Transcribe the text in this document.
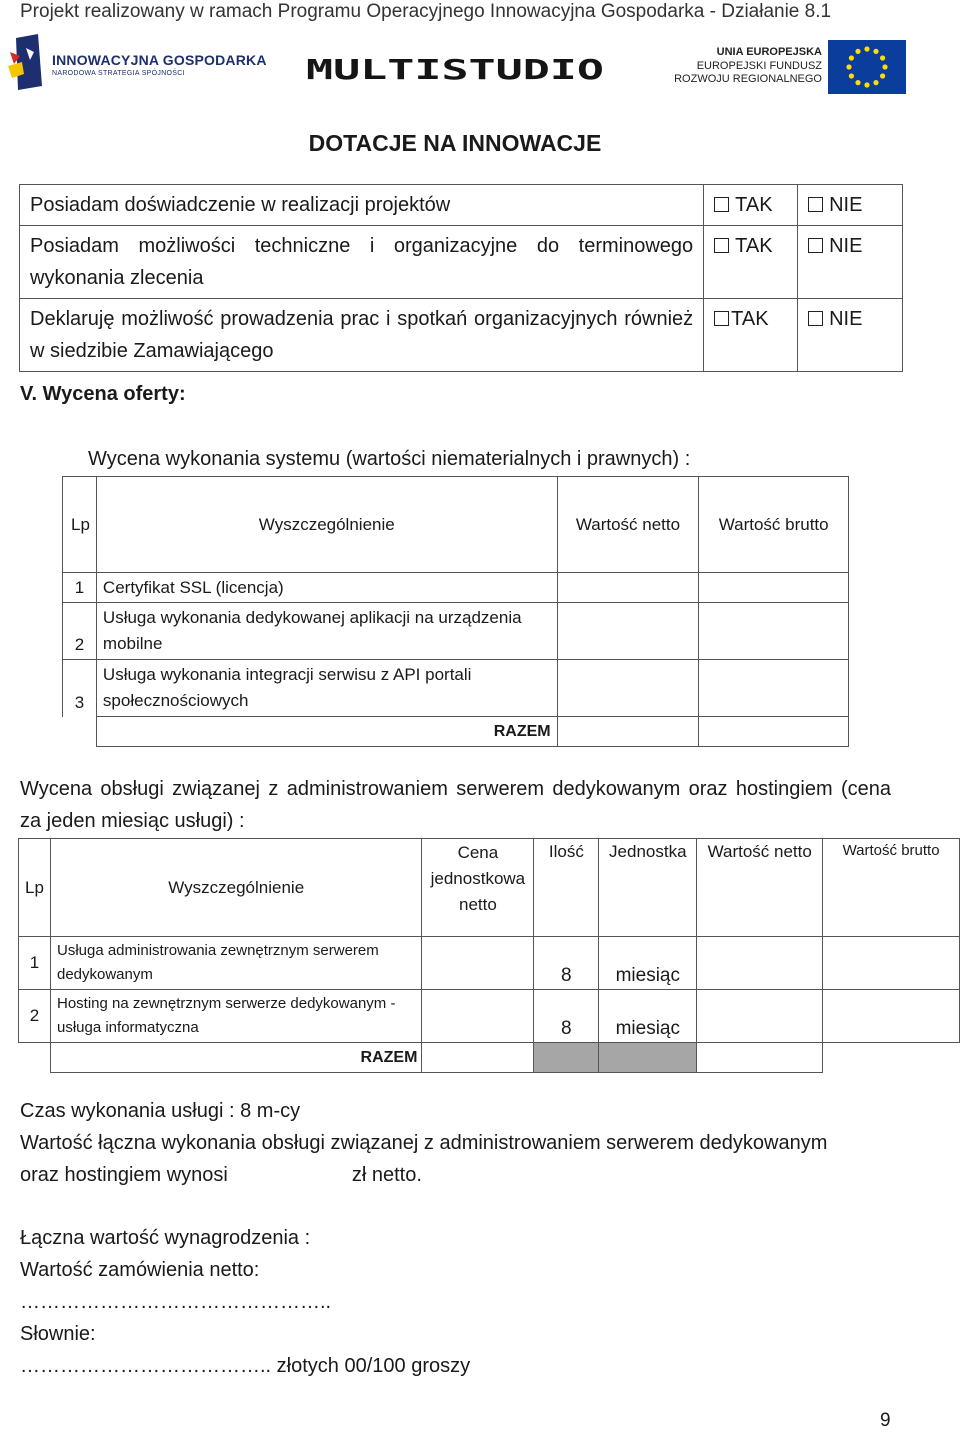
Projekt realizowany w ramach Programu Operacyjnego Innowacyjna Gospodarka - Działanie 8.1
INNOWACYJNA GOSPODARKA
NARODOWA STRATEGIA SPÓJNOŚCI	MULTISTUDIO
UNIA EUROPEJSKA
EUROPEJSKI FUNDUSZ
ROZWOJU REGIONALNEGO
DOTACJE NA INNOWACJE
Posiadam doświadczenie w realizacji projektów	TAK	NIE
Posiadam możliwości techniczne i organizacyjne do terminowego wykonania zlecenia	TAK	NIE
Deklaruję możliwość prowadzenia prac i spotkań organizacyjnych również w siedzibie Zamawiającego	TAK	NIE
V. Wycena oferty:
Wycena wykonania systemu (wartości niematerialnych i prawnych) :
Lp	Wyszczególnienie	Wartość netto	Wartość brutto
1	Certyfikat SSL (licencja)		
2	Usługa wykonania dedykowanej aplikacji na urządzenia mobilne		
3	Usługa wykonania integracji serwisu z API portali społecznościowych		
	RAZEM		
Wycena obsługi związanej z administrowaniem serwerem dedykowanym oraz hostingiem (cena za jeden miesiąc usługi) :
Lp	Wyszczególnienie	Cena jednostkowa netto	Ilość	Jednostka	Wartość netto	Wartość brutto
1	Usługa administrowania zewnętrznym serwerem dedykowanym		8	miesiąc		
2	Hosting na zewnętrznym serwerze dedykowanym - usługa informatyczna		8	miesiąc		
	RAZEM					
Czas wykonania usługi : 8 m-cy
Wartość łączna wykonania obsługi związanej z administrowaniem serwerem dedykowanym
oraz hostingiem wynosi	zł netto.
Łączna wartość wynagrodzenia :
Wartość zamówienia netto:
………………………………………..
Słownie:
……………………………….. złotych 00/100 groszy
9
